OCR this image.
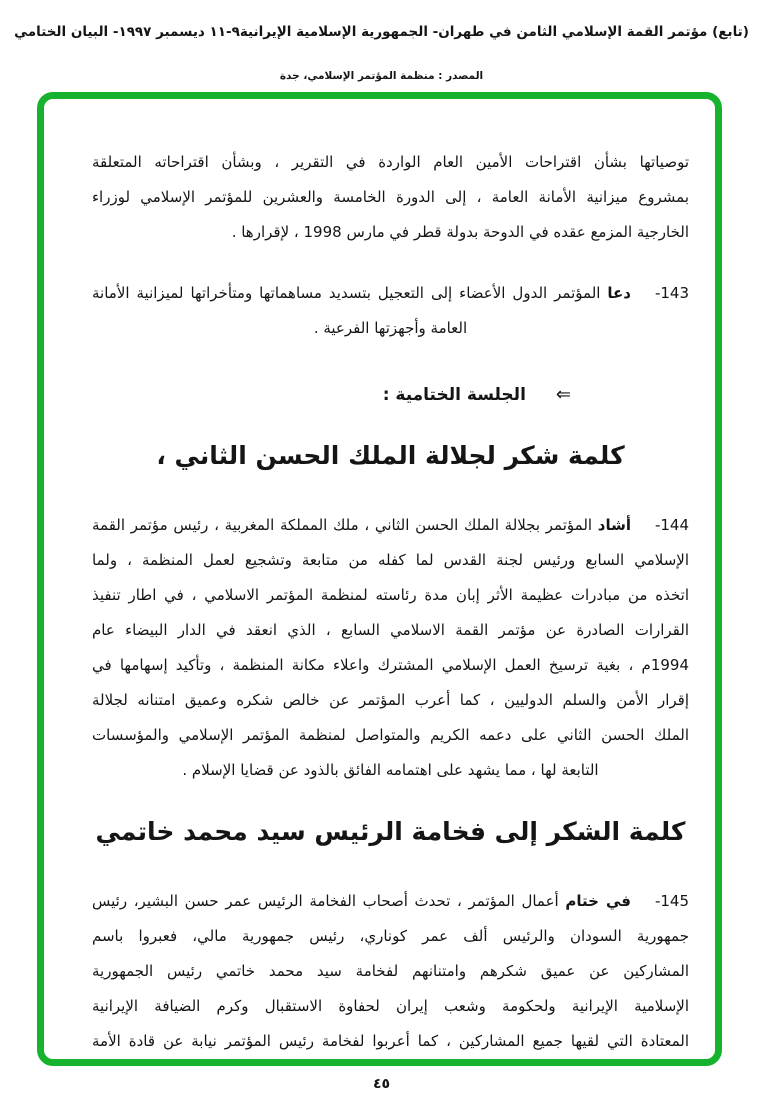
(تابع) مؤتمر القمة الإسلامي الثامن في طهران- الجمهورية الإسلامية الإيرانية٩-١١ ديسمبر ١٩٩٧- البيان الختامي
المصدر : منظمة المؤتمر الإسلامي، جدة
توصياتها بشأن اقتراحات الأمين العام الواردة في التقرير ، وبشأن اقتراحاته المتعلقة
بمشروع ميزانية الأمانة العامة ، إلى الدورة الخامسة والعشرين للمؤتمر الإسلامي لوزراء
الخارجية المزمع عقده في الدوحة بدولة قطر في مارس 1998 ، لإقرارها .
143-
دعا المؤتمر الدول الأعضاء إلى التعجيل بتسديد مساهماتها ومتأخراتها لميزانية الأمانة
العامة وأجهزتها الفرعية .
⇐الجلسة الختامية :
كلمة شكر لجلالة الملك الحسن الثاني ،
144-
أشاد المؤتمر بجلالة الملك الحسن الثاني ، ملك المملكة المغربية ، رئيس مؤتمر القمة
الإسلامي السابع ورئيس لجنة القدس لما كفله من متابعة وتشجيع لعمل المنظمة ، ولما
اتخذه من مبادرات عظيمة الأثر إبان مدة رئاسته لمنظمة المؤتمر الاسلامي ، في اطار تنفيذ
القرارات الصادرة عن مؤتمر القمة الاسلامي السابع ، الذي انعقد في الدار البيضاء عام
1994م ، بغية ترسيخ العمل الإسلامي المشترك واعلاء مكانة المنظمة ، وتأكيد إسهامها في
إقرار الأمن والسلم الدوليين ، كما أعرب المؤتمر عن خالص شكره وعميق امتنانه لجلالة
الملك الحسن الثاني على دعمه الكريم والمتواصل لمنظمة المؤتمر الإسلامي والمؤسسات
التابعة لها ، مما يشهد على اهتمامه الفائق بالذود عن قضايا الإسلام .
كلمة الشكر إلى فخامة الرئيس سيد محمد خاتمي
145-
في ختام أعمال المؤتمر ، تحدث أصحاب الفخامة الرئيس عمر حسن البشير، رئيس
جمهورية السودان والرئيس ألف عمر كوناري، رئيس جمهورية مالي، فعبروا باسم
المشاركين عن عميق شكرهم وامتنانهم لفخامة سيد محمد خاتمي رئيس الجمهورية
الإسلامية الإيرانية ولحكومة وشعب إيران لحفاوة الاستقبال وكرم الضيافة الإيرانية
المعتادة التي لقيها جميع المشاركين ، كما أعربوا لفخامة رئيس المؤتمر نيابة عن قادة الأمة
٤٥
